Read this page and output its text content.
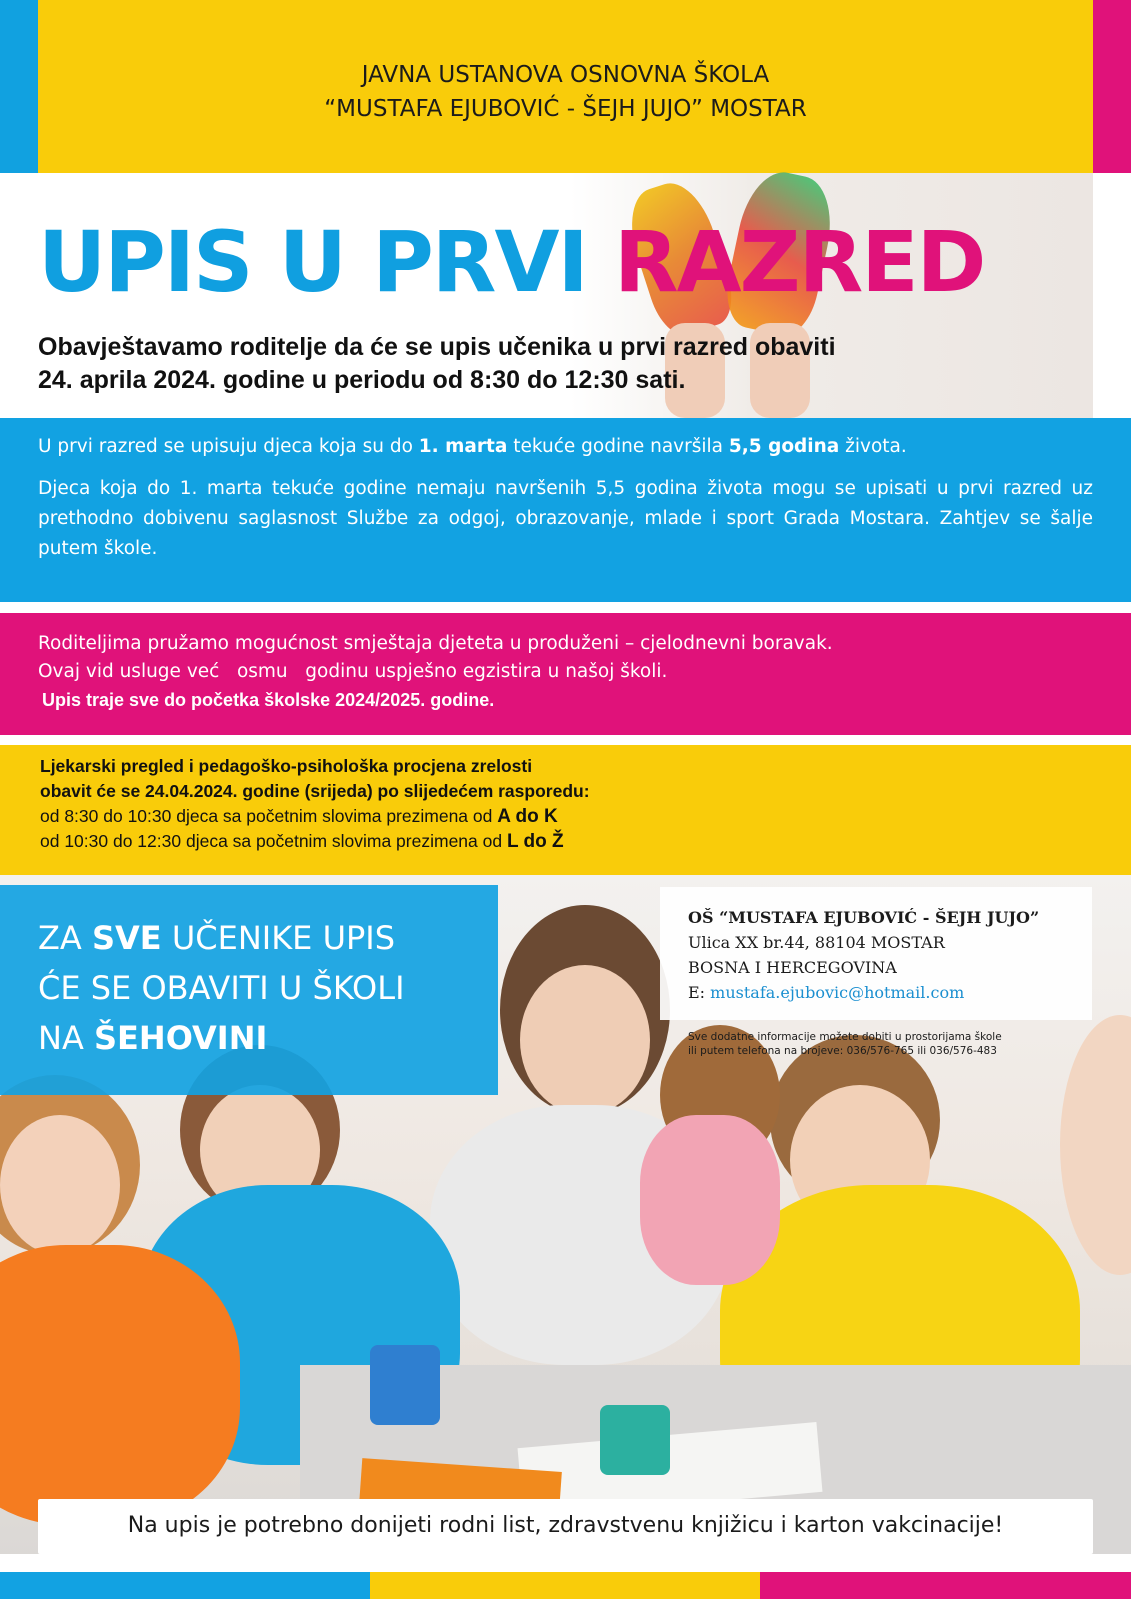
JAVNA USTANOVA OSNOVNA ŠKOLA
“MUSTAFA EJUBOVIĆ - ŠEJH JUJO” MOSTAR
UPIS U PRVI RAZRED
Obavještavamo roditelje da će se upis učenika u prvi razred obaviti
24. aprila 2024. godine u periodu od 8:30 do 12:30 sati.

U prvi razred se upisuju djeca koja su do 1. marta tekuće godine navršila 5,5 godina života.

Djeca koja do 1. marta tekuće godine nemaju navršenih 5,5 godina života mogu se upisati u prvi razred uz prethodno dobivenu saglasnost Službe za odgoj, obrazovanje, mlade i sport Grada Mostara. Zahtjev se šalje putem škole.

Roditeljima pružamo mogućnost smještaja djeteta u produženi – cjelodnevni boravak.
Ovaj vid usluge već   osmu   godinu uspješno egzistira u našoj školi.
Upis traje sve do početka školske 2024/2025. godine.
Ljekarski pregled i pedagoško-psihološka procjena zrelosti
obavit će se 24.04.2024. godine (srijeda) po slijedećem rasporedu:
od 8:30 do 10:30 djeca sa početnim slovima prezimena od A do K
od 10:30 do 12:30 djeca sa početnim slovima prezimena od L do Ž
ZA SVE UČENIKE UPIS
ĆE SE OBAVITI U ŠKOLI
NA ŠEHOVINI
OŠ “MUSTAFA EJUBOVIĆ - ŠEJH JUJO”
Ulica XX br.44, 88104 MOSTAR
BOSNA I HERCEGOVINA
E: mustafa.ejubovic@hotmail.com
Sve dodatne informacije možete dobiti u prostorijama škole
ili putem telefona na brojeve: 036/576-765 ili 036/576-483
Na upis je potrebno donijeti rodni list, zdravstvenu knjižicu i karton vakcinacije!
